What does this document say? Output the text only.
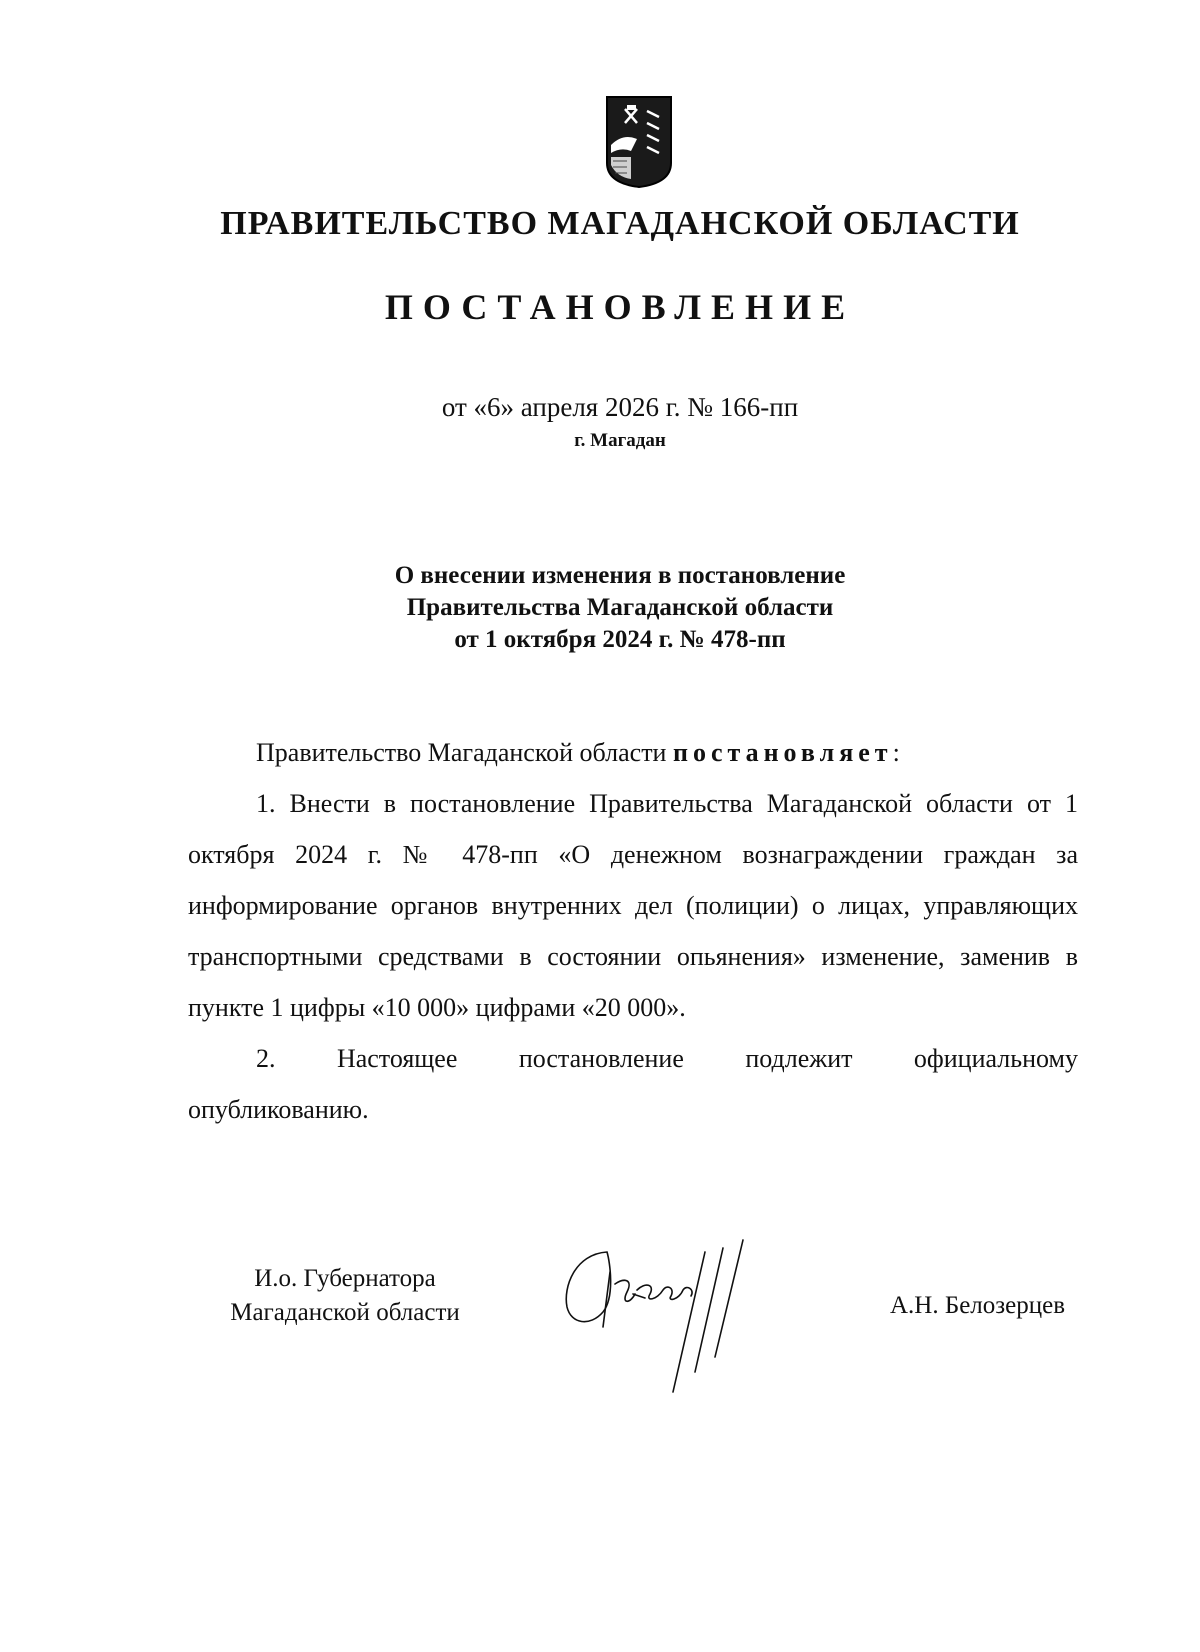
ПРАВИТЕЛЬСТВО МАГАДАНСКОЙ ОБЛАСТИ
ПОСТАНОВЛЕНИЕ
от «6» апреля 2026 г. № 166-пп
г. Магадан
О внесении изменения в постановление
Правительства Магаданской области
от 1 октября 2024 г. № 478-пп

Правительство Магаданской области постановляет:

1. Внести в постановление Правительства Магаданской области от 1 октября 2024 г. № 478-пп «О денежном вознаграждении граждан за информирование органов внутренних дел (полиции) о лицах, управляющих транспортными средствами в состоянии опьянения» изменение, заменив в пункте 1 цифры «10 000» цифрами «20 000».

2. Настоящее постановление подлежит официальному
опубликованию.
И.о. Губернатора
Магаданской области	А.Н. Белозерцев
